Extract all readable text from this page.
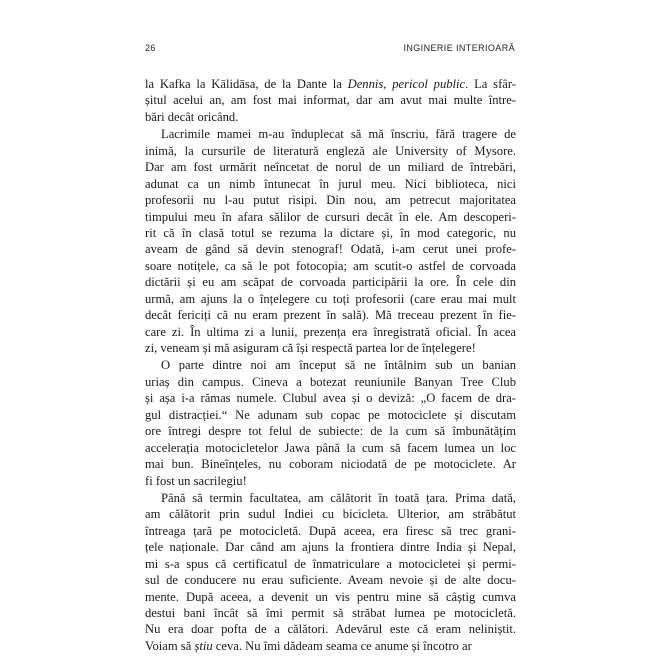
26	INGINERIE INTERIOARĂ
la Kafka la Kālidāsa, de la Dante la Dennis, pericol public. La sfâr-
șitul acelui an, am fost mai informat, dar am avut mai multe între-
bări decât oricând.
Lacrimile mamei m-au înduplecat să mă înscriu, fără tragere de
inimă, la cursurile de literatură engleză ale University of Mysore.
Dar am fost urmărit neîncetat de norul de un miliard de întrebări,
adunat ca un nimb întunecat în jurul meu. Nici biblioteca, nici
profesorii nu l-au putut risipi. Din nou, am petrecut majoritatea
timpului meu în afara sălilor de cursuri decât în ele. Am descoperi-
rit că în clasă totul se rezuma la dictare și, în mod categoric, nu
aveam de gând să devin stenograf! Odată, i-am cerut unei profe-
soare notițele, ca să le pot fotocopia; am scutit-o astfel de corvoada
dictării și eu am scăpat de corvoada participării la ore. În cele din
urmă, am ajuns la o înțelegere cu toți profesorii (care erau mai mult
decât fericiți că nu eram prezent în sală). Mă treceau prezent în fie-
care zi. În ultima zi a lunii, prezența era înregistrată oficial. În acea
zi, veneam și mă asiguram că își respectă partea lor de înțelegere!
O parte dintre noi am început să ne întâlnim sub un banian
uriaș din campus. Cineva a botezat reuniunile Banyan Tree Club
și așa i-a rămas numele. Clubul avea și o deviză: „O facem de dra-
gul distracției.“ Ne adunam sub copac pe motociclete și discutam
ore întregi despre tot felul de subiecte: de la cum să îmbunătățim
accelerația motocicletelor Jawa până la cum să facem lumea un loc
mai bun. Bineînțeles, nu coboram niciodată de pe motociclete. Ar
fi fost un sacrilegiu!
Până să termin facultatea, am călătorit în toată țara. Prima dată,
am călătorit prin sudul Indiei cu bicicleta. Ulterior, am străbătut
întreaga țară pe motocicletă. După aceea, era firesc să trec grani-
țele naționale. Dar când am ajuns la frontiera dintre India și Nepal,
mi s-a spus că certificatul de înmatriculare a motocicletei și permi-
sul de conducere nu erau suficiente. Aveam nevoie și de alte docu-
mente. După aceea, a devenit un vis pentru mine să câștig cumva
destui bani încât să îmi permit să străbat lumea pe motocicletă.
Nu era doar pofta de a călători. Adevărul este că eram neliniștit.
Voiam să știu ceva. Nu îmi dădeam seama ce anume și încotro ar
